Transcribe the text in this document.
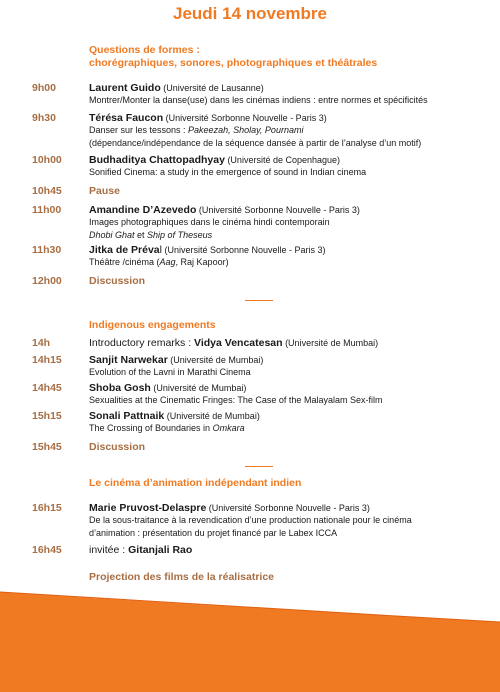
Jeudi 14 novembre
Questions de formes :
chorégraphiques, sonores, photographiques et théâtrales
9h00	Laurent Guido (Université de Lausanne)
Montrer/Monter la danse(use) dans les cinémas indiens : entre normes et spécificités
9h30	Térésa Faucon (Université Sorbonne Nouvelle - Paris 3)
Danser sur les tessons : Pakeezah, Sholay, Pournami
(dépendance/indépendance de la séquence dansée à partir de l’analyse d’un motif)
10h00	Budhaditya Chattopadhyay (Université de Copenhague)
Sonified Cinema: a study in the emergence of sound in Indian cinema
10h45	Pause
11h00	Amandine D’Azevedo (Université Sorbonne Nouvelle - Paris 3)
Images photographiques dans le cinéma hindi contemporain
Dhobi Ghat et Ship of Theseus
11h30	Jitka de Préval (Université Sorbonne Nouvelle - Paris 3)
Théâtre /cinéma (Aag, Raj Kapoor)
12h00	Discussion
Indigenous engagements
14h	Introductory remarks : Vidya Vencatesan (Université de Mumbai)
14h15	Sanjit Narwekar (Université de Mumbai)
Evolution of the Lavni in Marathi Cinema
14h45	Shoba Gosh (Université de Mumbai)
Sexualities at the Cinematic Fringes: The Case of the Malayalam Sex-film
15h15	Sonali Pattnaik (Université de Mumbai)
The Crossing of Boundaries in Omkara
15h45	Discussion
Le cinéma d’animation indépendant indien
16h15	Marie Pruvost-Delaspre (Université Sorbonne Nouvelle - Paris 3)
De la sous-traitance à la revendication d’une production nationale pour le cinéma
d’animation : présentation du projet financé par le Labex ICCA
16h45	invitée : Gitanjali Rao
Projection des films de la réalisatrice
